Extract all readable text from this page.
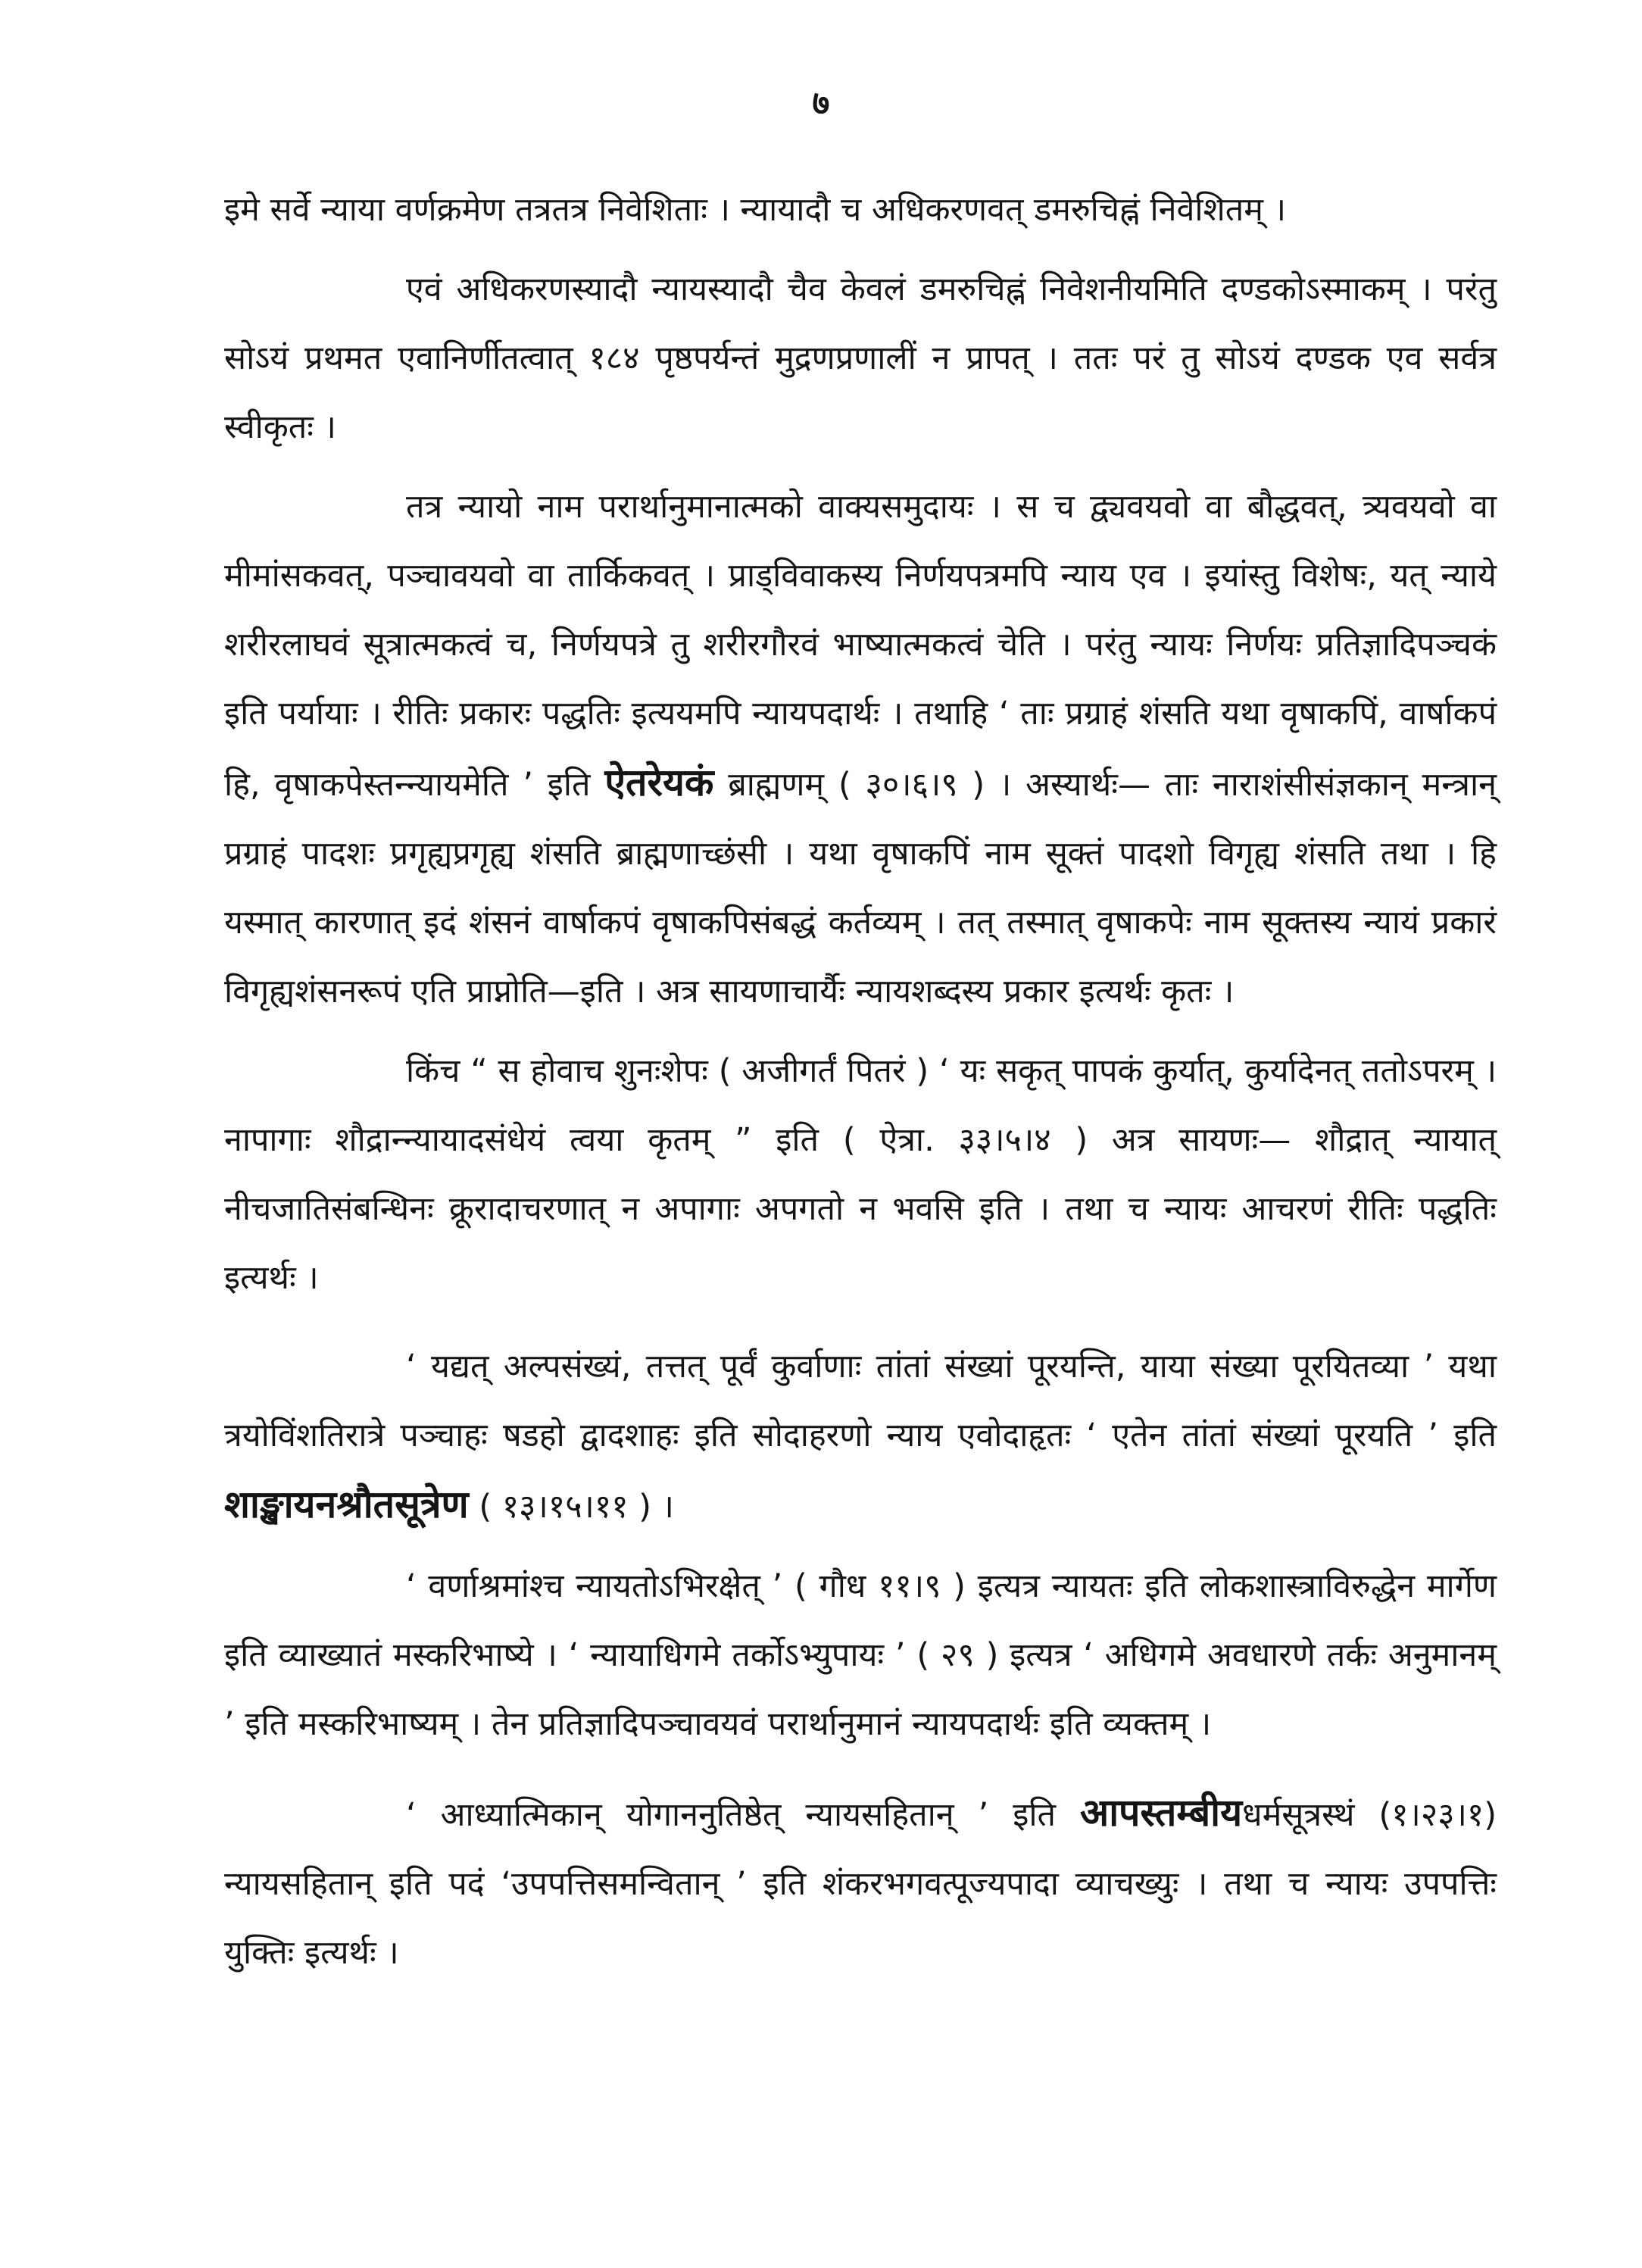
७

इमे सर्वे न्याया वर्णक्रमेण तत्रतत्र निवेशिताः । न्यायादौ च अधिकरणवत् डमरुचिह्नं निवेशितम् ।

एवं अधिकरणस्यादौ न्यायस्यादौ चैव केवलं डमरुचिह्नं निवेशनीयमिति दण्डकोऽस्माकम् । परंतु सोऽयं प्रथमत एवानिर्णीतत्वात् १८४ पृष्ठपर्यन्तं मुद्रणप्रणालीं न प्रापत् । ततः परं तु सोऽयं दण्डक एव सर्वत्र स्वीकृतः ।

तत्र न्यायो नाम परार्थानुमानात्मको वाक्यसमुदायः । स च द्व्यवयवो वा बौद्धवत्, त्र्यवयवो वा मीमांसकवत्, पञ्चावयवो वा तार्किकवत् । प्राड्विवाकस्य निर्णयपत्रमपि न्याय एव । इयांस्तु विशेषः, यत् न्याये शरीरलाघवं सूत्रात्मकत्वं च, निर्णयपत्रे तु शरीरगौरवं भाष्यात्मकत्वं चेति । परंतु न्यायः निर्णयः प्रतिज्ञादिपञ्चकं इति पर्यायाः । रीतिः प्रकारः पद्धतिः इत्ययमपि न्यायपदार्थः । तथाहि ‘ ताः प्रग्राहं शंसति यथा वृषाकपिं, वार्षाकपं हि, वृषाकपेस्तन्न्यायमेति ’ इति ऐतरेयकं ब्राह्मणम् ( ३०।६।९ ) । अस्यार्थः— ताः नाराशंसीसंज्ञकान् मन्त्रान् प्रग्राहं पादशः प्रगृह्यप्रगृह्य शंसति ब्राह्मणाच्छंसी । यथा वृषाकपिं नाम सूक्तं पादशो विगृह्य शंसति तथा । हि यस्मात् कारणात् इदं शंसनं वार्षाकपं वृषाकपिसंबद्धं कर्तव्यम् । तत् तस्मात् वृषाकपेः नाम सूक्तस्य न्यायं प्रकारं विगृह्यशंसनरूपं एति प्राप्नोति—इति । अत्र सायणाचार्यैः न्यायशब्दस्य प्रकार इत्यर्थः कृतः ।

किंच “ स होवाच शुनःशेपः ( अजीगर्तं पितरं ) ‘ यः सकृत् पापकं कुर्यात्, कुर्यादेनत् ततोऽपरम् । नापागाः शौद्रान्न्यायादसंधेयं त्वया कृतम् ” इति ( ऐत्रा. ३३।५।४ ) अत्र सायणः— शौद्रात् न्यायात् नीचजातिसंबन्धिनः क्रूरादाचरणात् न अपागाः अपगतो न भवसि इति । तथा च न्यायः आचरणं रीतिः पद्धतिः इत्यर्थः ।

‘ यद्यत् अल्पसंख्यं, तत्तत् पूर्वं कुर्वाणाः तांतां संख्यां पूरयन्ति, याया संख्या पूरयितव्या ’ यथा त्रयोविंशतिरात्रे पञ्चाहः षडहो द्वादशाहः इति सोदाहरणो न्याय एवोदाहृतः ‘ एतेन तांतां संख्यां पूरयति ’ इति शाङ्खायनश्रौतसूत्रेण ( १३।१५।११ ) ।

‘ वर्णाश्रमांश्च न्यायतोऽभिरक्षेत् ’ ( गौध ११।९ ) इत्यत्र न्यायतः इति लोकशास्त्राविरुद्धेन मार्गेण इति व्याख्यातं मस्करिभाष्ये । ‘ न्यायाधिगमे तर्कोऽभ्युपायः ’ ( २९ ) इत्यत्र ‘ अधिगमे अवधारणे तर्कः अनुमानम् ’ इति मस्करिभाष्यम् । तेन प्रतिज्ञादिपञ्चावयवं परार्थानुमानं न्यायपदार्थः इति व्यक्तम् ।

‘ आध्यात्मिकान् योगाननुतिष्ठेत् न्यायसहितान् ’ इति आपस्तम्बीयधर्मसूत्रस्थं (१।२३।१) न्यायसहितान् इति पदं ‘उपपत्तिसमन्वितान् ’ इति शंकरभगवत्पूज्यपादा व्याचख्युः । तथा च न्यायः उपपत्तिः युक्तिः इत्यर्थः ।
